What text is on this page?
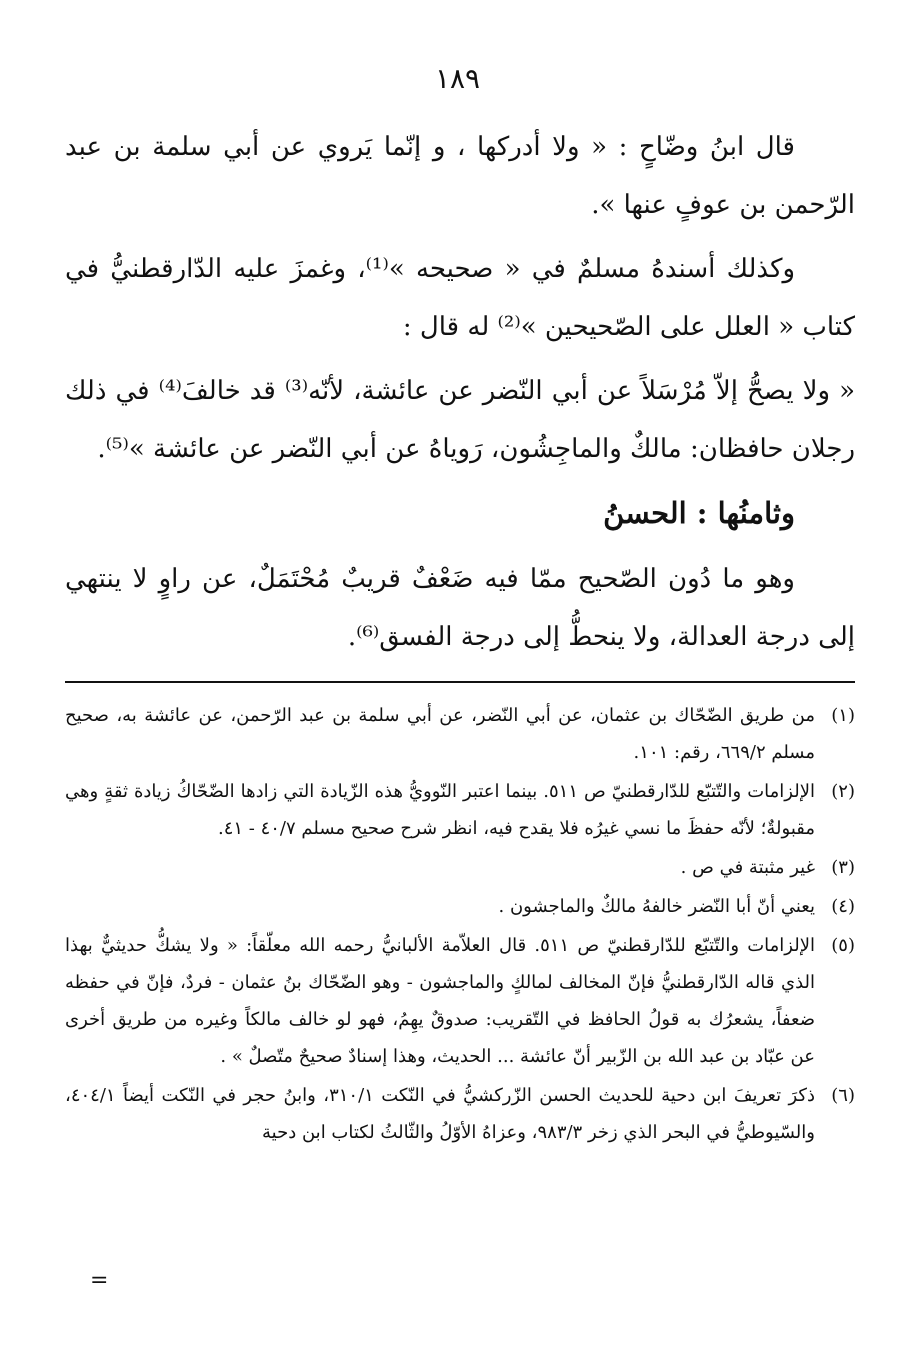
١٨٩

قال ابنُ وضّاحٍ : « ولا أدركها ، و إنّما يَروي عن أبي سلمة بن عبد الرّحمن بن عوفٍ عنها ».

وكذلك أسندهُ مسلمٌ في « صحيحه »⁽¹⁾، وغمزَ عليه الدّارقطنيُّ في كتاب « العلل على الصّحيحين »⁽²⁾ له قال :

« ولا يصحُّ إلاّ مُرْسَلاً عن أبي النّضر عن عائشة، لأنّه⁽³⁾ قد خالفَ⁽⁴⁾ في ذلك رجلان حافظان: مالكٌ والماجِشُون، رَوياهُ عن أبي النّضر عن عائشة »⁽⁵⁾.

وثامنُها : الحسنُ

وهو ما دُون الصّحيح ممّا فيه ضَعْفٌ قريبٌ مُحْتَمَلٌ، عن راوٍ لا ينتهي إلى درجة العدالة، ولا ينحطُّ إلى درجة الفسق⁽⁶⁾.

(١)
من طريق الضّحّاك بن عثمان، عن أبي النّضر، عن أبي سلمة بن عبد الرّحمن، عن عائشة به، صحيح مسلم ٦٦٩/٢، رقم: ١٠١.
(٢)
الإلزامات والتّتبّع للدّارقطنيّ ص ٥١١. بينما اعتبر النّوويُّ هذه الزّيادة التي زادها الضّحّاكُ زيادة ثقةٍ وهي مقبولةٌ؛ لأنّه حفظَ ما نسي غيرُه فلا يقدح فيه، انظر شرح صحيح مسلم ٤٠/٧ - ٤١.
(٣)
غير مثبتة في ص .
(٤)
يعني أنّ أبا النّضر خالفهُ مالكٌ والماجشون .
(٥)
الإلزامات والتّتبّع للدّارقطنيّ ص ٥١١. قال العلاّمة الألبانيُّ رحمه الله معلّقاً: « ولا يشكُّ حديثيٌّ بهذا الذي قاله الدّارقطنيُّ فإنّ المخالف لمالكٍ والماجشون - وهو الضّحّاك بنُ عثمان - فردٌ، فإنّ في حفظه ضعفاً، يشعرُك به قولُ الحافظ في التّقريب: صدوقٌ يهِمُ، فهو لو خالف مالكاً وغيره من طريق أخرى عن عبّاد بن عبد الله بن الزّبير أنّ عائشة ... الحديث، وهذا إسنادٌ صحيحٌ متّصلٌ » .
(٦)
ذكرَ تعريفَ ابن دحية للحديث الحسن الزّركشيُّ في النّكت ٣١٠/١، وابنُ حجر في النّكت أيضاً ٤٠٤/١، والسّيوطيُّ في البحر الذي زخر ٩٨٣/٣، وعزاهُ الأوّلُ والثّالثُ لكتاب ابن دحية
=
